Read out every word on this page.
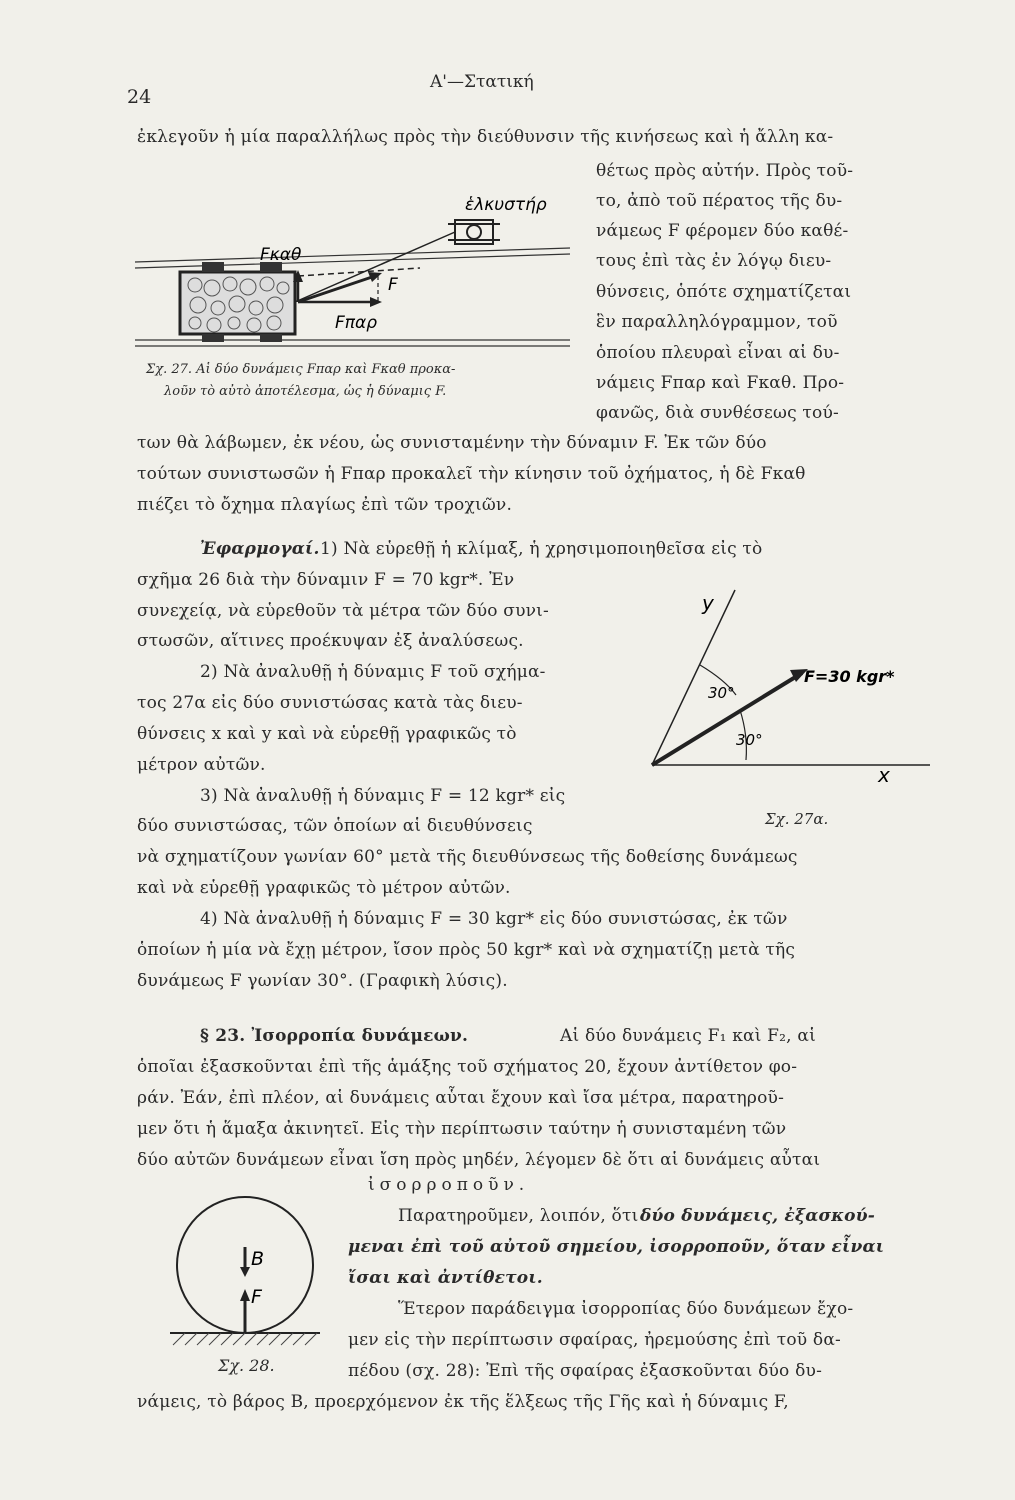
24
Α'—Στατική
ἐκλεγοῦν ἡ μία παραλλήλως πρὸς τὴν διεύθυνσιν τῆς κινήσεως καὶ ἡ ἄλλη κα-
ἑλκυστήρ
Fκαθ
F
Fπαρ
Σχ. 27. Αἱ δύο δυνάμεις Fπαρ καὶ Fκαθ προκα-
λοῦν τὸ αὐτὸ ἀποτέλεσμα, ὡς ἡ δύναμις F.
θέτως πρὸς αὐτήν. Πρὸς τοῦ-
το, ἀπὸ τοῦ πέρατος τῆς δυ-
νάμεως F φέρομεν δύο καθέ-
τους ἐπὶ τὰς ἐν λόγῳ διευ-
θύνσεις, ὁπότε σχηματίζεται
ἓν παραλληλόγραμμον, τοῦ
ὁποίου πλευραὶ εἶναι αἱ δυ-
νάμεις Fπαρ καὶ Fκαθ. Προ-
φανῶς, διὰ συνθέσεως τού-
των θὰ λάβωμεν, ἐκ νέου, ὡς συνισταμένην τὴν δύναμιν F. Ἐκ τῶν δύο
τούτων συνιστωσῶν ἡ Fπαρ προκαλεῖ τὴν κίνησιν τοῦ ὀχήματος, ἡ δὲ Fκαθ
πιέζει τὸ ὄχημα πλαγίως ἐπὶ τῶν τροχιῶν.
Ἐφαρμογαί. 1) Νὰ εὑρεθῇ ἡ κλίμαξ, ἡ χρησιμοποιηθεῖσα εἰς τὸ
σχῆμα 26 διὰ τὴν δύναμιν F = 70 kgr*. Ἐν
συνεχείᾳ, νὰ εὑρεθοῦν τὰ μέτρα τῶν δύο συνι-
στωσῶν, αἵτινες προέκυψαν ἐξ ἀναλύσεως.
2) Νὰ ἀναλυθῇ ἡ δύναμις F τοῦ σχήμα-
τος 27α εἰς δύο συνιστώσας κατὰ τὰς διευ-
θύνσεις x καὶ y καὶ νὰ εὑρεθῇ γραφικῶς τὸ
μέτρον αὐτῶν.
3) Νὰ ἀναλυθῇ ἡ δύναμις F = 12 kgr* εἰς
δύο συνιστώσας, τῶν ὁποίων αἱ διευθύνσεις
y
x
30°
30°
F=30 kgr*
Σχ. 27α.
νὰ σχηματίζουν γωνίαν 60° μετὰ τῆς διευθύνσεως τῆς δοθείσης δυνάμεως
καὶ νὰ εὑρεθῇ γραφικῶς τὸ μέτρον αὐτῶν.
4) Νὰ ἀναλυθῇ ἡ δύναμις F = 30 kgr* εἰς δύο συνιστώσας, ἐκ τῶν
ὁποίων ἡ μία νὰ ἔχῃ μέτρον, ἴσον πρὸς 50 kgr* καὶ νὰ σχηματίζῃ μετὰ τῆς
δυνάμεως F γωνίαν 30°. (Γραφικὴ λύσις).
§ 23. Ἰσορροπία δυνάμεων.	Αἱ δύο δυνάμεις F₁ καὶ F₂, αἱ
ὁποῖαι ἐξασκοῦνται ἐπὶ τῆς ἁμάξης τοῦ σχήματος 20, ἔχουν ἀντίθετον φο-
ράν. Ἐάν, ἐπὶ πλέον, αἱ δυνάμεις αὗται ἔχουν καὶ ἴσα μέτρα, παρατηροῦ-
μεν ὅτι ἡ ἅμαξα ἀκινητεῖ. Εἰς τὴν περίπτωσιν ταύτην ἡ συνισταμένη τῶν
δύο αὐτῶν δυνάμεων εἶναι ἴση πρὸς μηδέν, λέγομεν δὲ ὅτι αἱ δυνάμεις αὗται
ἰσορροποῦν.
B
F
Σχ. 28.
Παρατηροῦμεν, λοιπόν, ὅτι δύο δυνάμεις, ἐξασκού-
μεναι ἐπὶ τοῦ αὐτοῦ σημείου, ἰσορροποῦν, ὅταν εἶναι
ἴσαι καὶ ἀντίθετοι.
Ἕτερον παράδειγμα ἰσορροπίας δύο δυνάμεων ἔχο-
μεν εἰς τὴν περίπτωσιν σφαίρας, ἠρεμούσης ἐπὶ τοῦ δα-
πέδου (σχ. 28): Ἐπὶ τῆς σφαίρας ἐξασκοῦνται δύο δυ-
νάμεις, τὸ βάρος B, προερχόμενον ἐκ τῆς ἕλξεως τῆς Γῆς καὶ ἡ δύναμις F,
